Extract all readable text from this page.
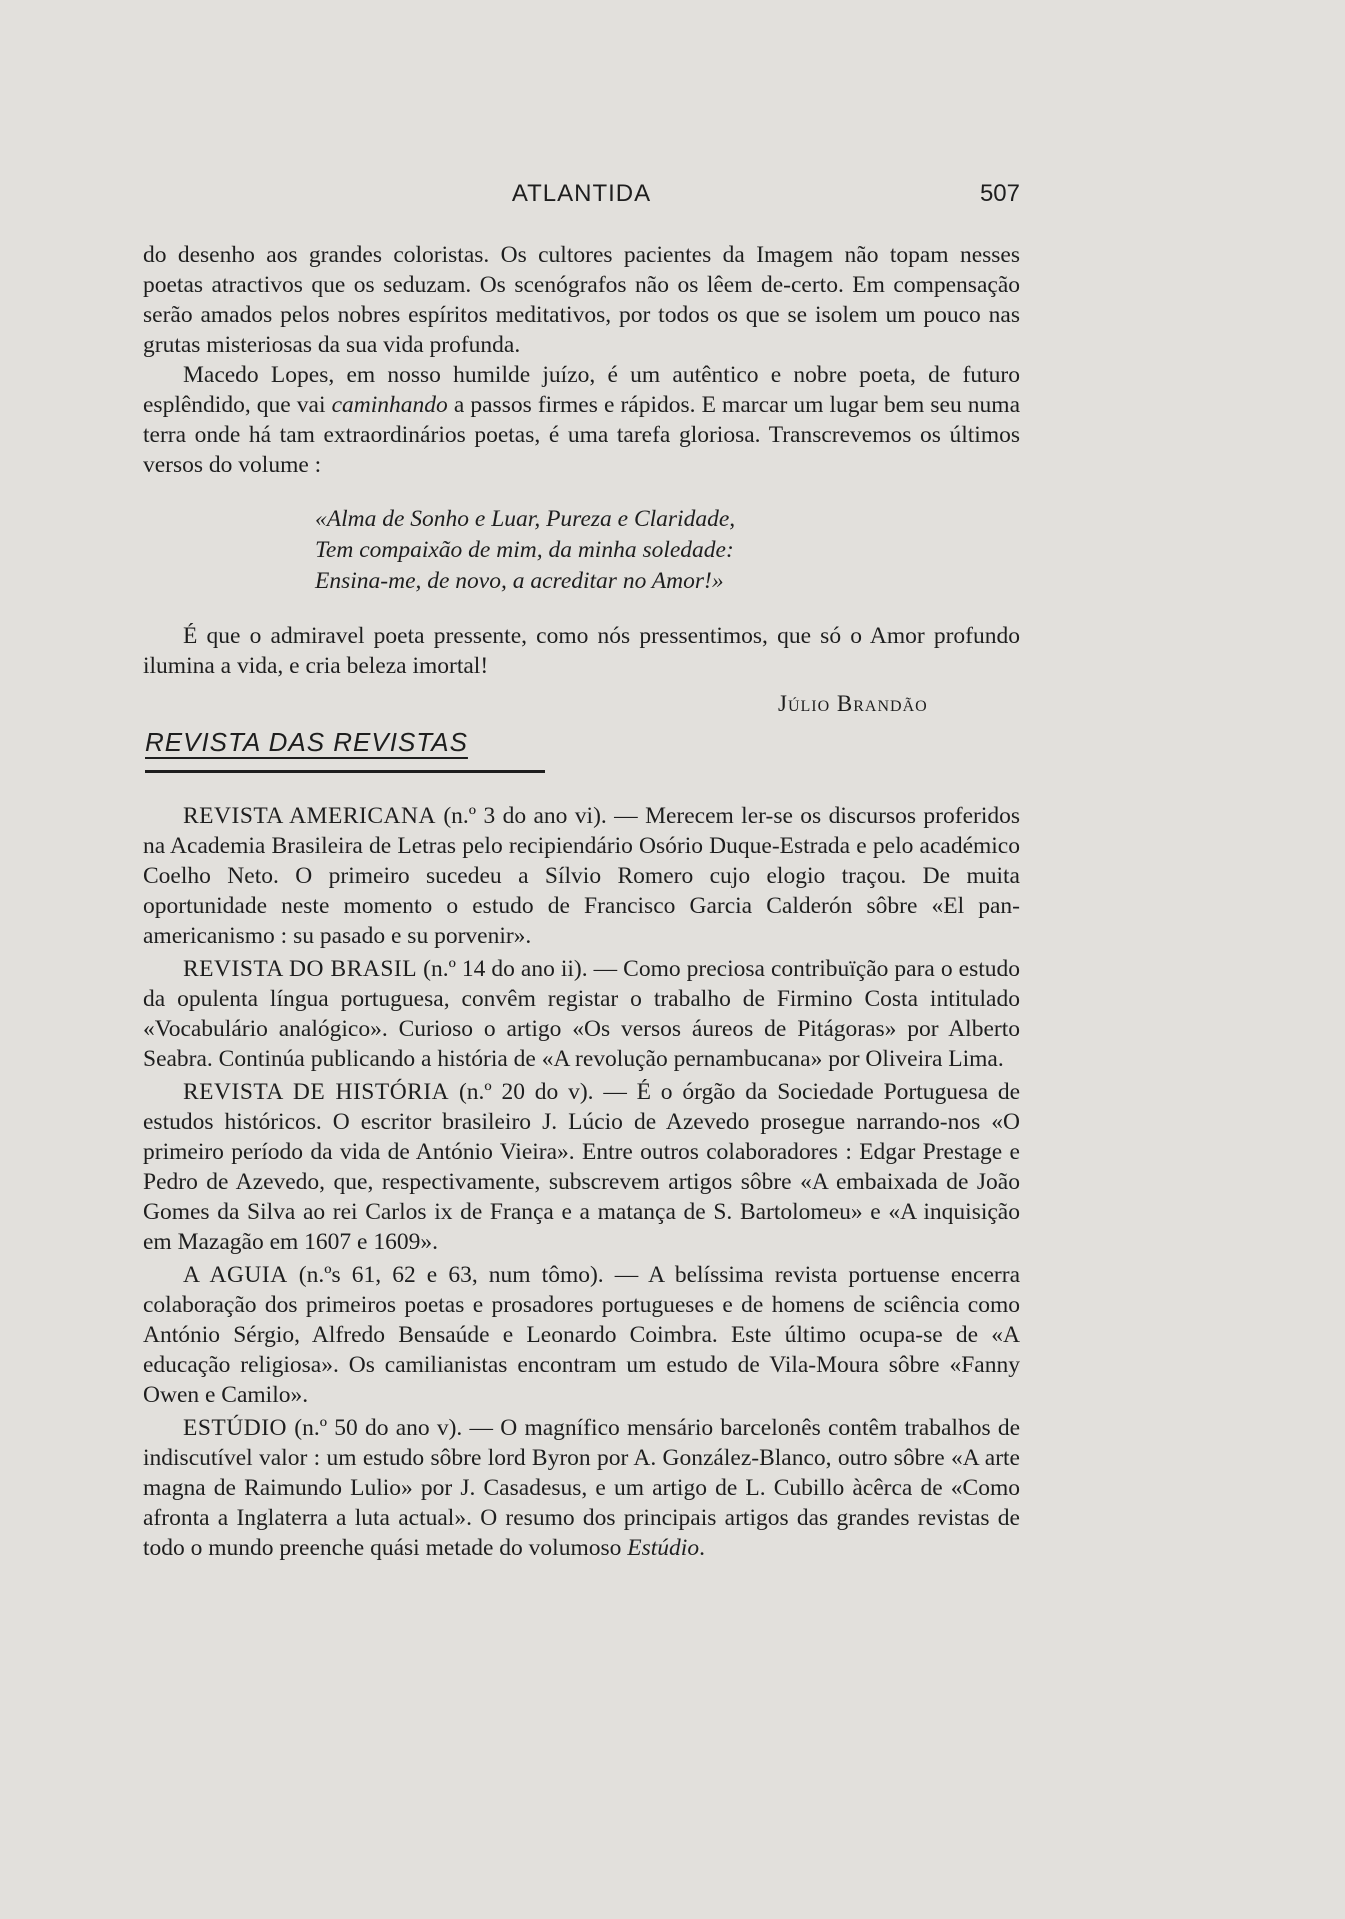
ATLANTIDA	507

do desenho aos grandes coloristas. Os cultores pacientes da Imagem não topam nesses poetas atractivos que os seduzam. Os scenógrafos não os lêem de-certo. Em compensação serão amados pelos nobres espíritos meditativos, por todos os que se isolem um pouco nas grutas misteriosas da sua vida profunda.

Macedo Lopes, em nosso humilde juízo, é um autêntico e nobre poeta, de futuro esplêndido, que vai caminhando a passos firmes e rápidos. E marcar um lugar bem seu numa terra onde há tam extraordinários poetas, é uma tarefa gloriosa. Transcrevemos os últimos versos do volume :

«Alma de Sonho e Luar, Pureza e Claridade,
Tem compaixão de mim, da minha soledade:
Ensina-me, de novo, a acreditar no Amor!»

É que o admiravel poeta pressente, como nós pressentimos, que só o Amor profundo ilumina a vida, e cria beleza imortal!

Júlio Brandão
REVISTA DAS REVISTAS

REVISTA AMERICANA (n.º 3 do ano vi). — Merecem ler-se os discursos proferidos na Academia Brasileira de Letras pelo recipiendário Osório Duque-Estrada e pelo académico Coelho Neto. O primeiro sucedeu a Sílvio Romero cujo elogio traçou. De muita oportunidade neste momento o estudo de Francisco Garcia Calderón sôbre «El pan-americanismo : su pasado e su porvenir».

REVISTA DO BRASIL (n.º 14 do ano ii). — Como preciosa contribuïção para o estudo da opulenta língua portuguesa, convêm registar o trabalho de Firmino Costa intitulado «Vocabulário analógico». Curioso o artigo «Os versos áureos de Pitágoras» por Alberto Seabra. Continúa publicando a história de «A revolução pernambucana» por Oliveira Lima.

REVISTA DE HISTÓRIA (n.º 20 do v). — É o órgão da Sociedade Portuguesa de estudos históricos. O escritor brasileiro J. Lúcio de Azevedo prosegue narrando-nos «O primeiro período da vida de António Vieira». Entre outros colaboradores : Edgar Prestage e Pedro de Azevedo, que, respectivamente, subscrevem artigos sôbre «A embaixada de João Gomes da Silva ao rei Carlos ix de França e a matança de S. Bartolomeu» e «A inquisição em Mazagão em 1607 e 1609».

A AGUIA (n.ºs 61, 62 e 63, num tômo). — A belíssima revista portuense encerra colaboração dos primeiros poetas e prosadores portugueses e de homens de sciência como António Sérgio, Alfredo Bensaúde e Leonardo Coimbra. Este último ocupa-se de «A educação religiosa». Os camilianistas encontram um estudo de Vila-Moura sôbre «Fanny Owen e Camilo».

ESTÚDIO (n.º 50 do ano v). — O magnífico mensário barcelonês contêm trabalhos de indiscutível valor : um estudo sôbre lord Byron por A. González-Blanco, outro sôbre «A arte magna de Raimundo Lulio» por J. Casadesus, e um artigo de L. Cubillo àcêrca de «Como afronta a Inglaterra a luta actual». O resumo dos principais artigos das grandes revistas de todo o mundo preenche quási metade do volumoso Estúdio.
